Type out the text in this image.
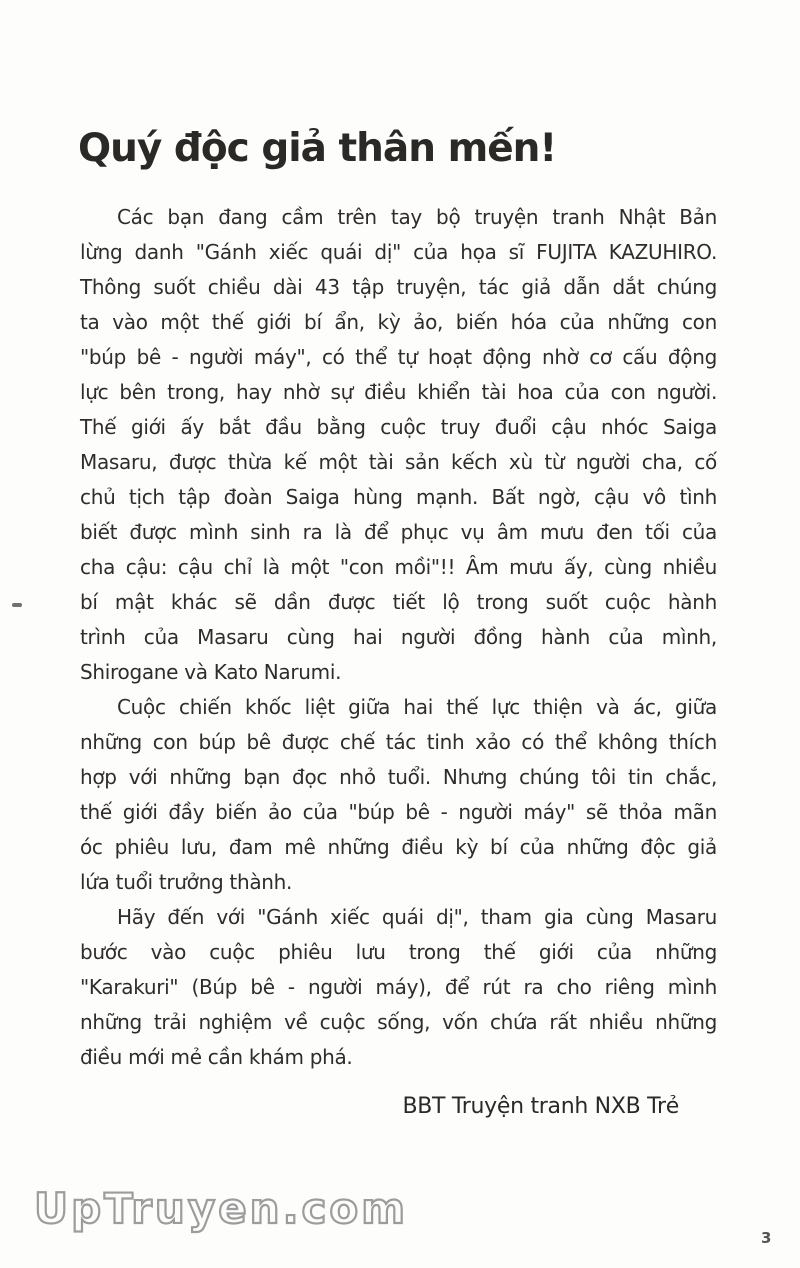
Quý độc giả thân mến!
Các bạn đang cầm trên tay bộ truyện tranh Nhật Bản
lừng danh "Gánh xiếc quái dị" của họa sĩ FUJITA KAZUHIRO.
Thông suốt chiều dài 43 tập truyện, tác giả dẫn dắt chúng
ta vào một thế giới bí ẩn, kỳ ảo, biến hóa của những con
"búp bê - người máy", có thể tự hoạt động nhờ cơ cấu động
lực bên trong, hay nhờ sự điều khiển tài hoa của con người.
Thế giới ấy bắt đầu bằng cuộc truy đuổi cậu nhóc Saiga
Masaru, được thừa kế một tài sản kếch xù từ người cha, cố
chủ tịch tập đoàn Saiga hùng mạnh. Bất ngờ, cậu vô tình
biết được mình sinh ra là để phục vụ âm mưu đen tối của
cha cậu: cậu chỉ là một "con mồi"!! Âm mưu ấy, cùng nhiều
bí mật khác sẽ dần được tiết lộ trong suốt cuộc hành
trình của Masaru cùng hai người đồng hành của mình,
Shirogane và Kato Narumi.
Cuộc chiến khốc liệt giữa hai thế lực thiện và ác, giữa
những con búp bê được chế tác tinh xảo có thể không thích
hợp với những bạn đọc nhỏ tuổi. Nhưng chúng tôi tin chắc,
thế giới đầy biến ảo của "búp bê - người máy" sẽ thỏa mãn
óc phiêu lưu, đam mê những điều kỳ bí của những độc giả
lứa tuổi trưởng thành.
Hãy đến với "Gánh xiếc quái dị", tham gia cùng Masaru
bước vào cuộc phiêu lưu trong thế giới của những
"Karakuri" (Búp bê - người máy), để rút ra cho riêng mình
những trải nghiệm về cuộc sống, vốn chứa rất nhiều những
điều mới mẻ cần khám phá.
BBT Truyện tranh NXB Trẻ
UpTruyen.com
3
